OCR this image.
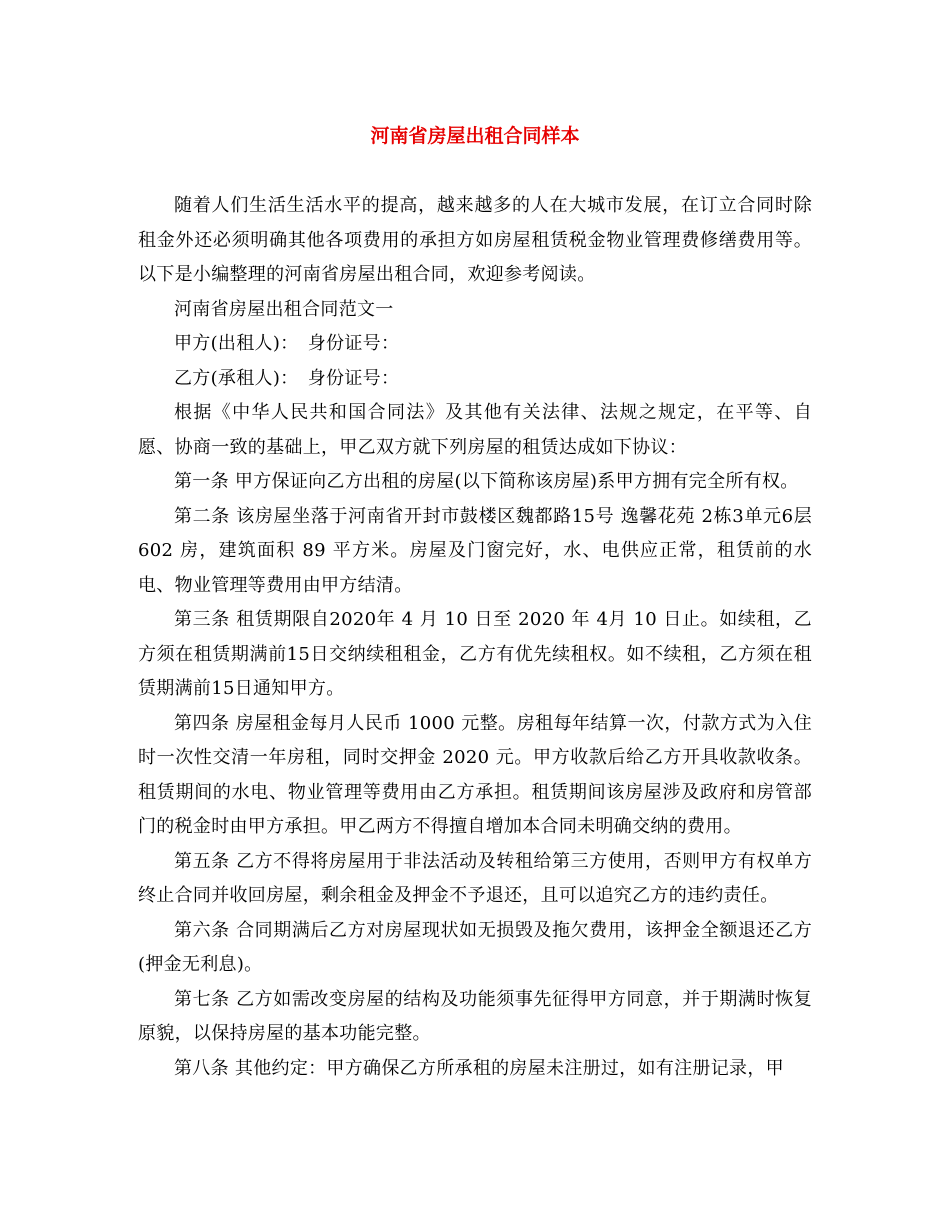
河南省房屋出租合同样本

随着人们生活生活水平的提高，越来越多的人在大城市发展，在订立合同时除租金外还必须明确其他各项费用的承担方如房屋租赁税金物业管理费修缮费用等。以下是小编整理的河南省房屋出租合同，欢迎参考阅读。

河南省房屋出租合同范文一

甲方(出租人)：　身份证号：

乙方(承租人)：　身份证号：

根据《中华人民共和国合同法》及其他有关法律、法规之规定，在平等、自愿、协商一致的基础上，甲乙双方就下列房屋的租赁达成如下协议：

第一条 甲方保证向乙方出租的房屋(以下简称该房屋)系甲方拥有完全所有权。

第二条 该房屋坐落于河南省开封市鼓楼区魏都路15号 逸馨花苑 2栋3单元6层602 房，建筑面积 89 平方米。房屋及门窗完好，水、电供应正常，租赁前的水电、物业管理等费用由甲方结清。

第三条 租赁期限自2020年 4 月 10 日至 2020 年 4月 10 日止。如续租，乙方须在租赁期满前15日交纳续租租金，乙方有优先续租权。如不续租，乙方须在租赁期满前15日通知甲方。

第四条 房屋租金每月人民币 1000 元整。房租每年结算一次，付款方式为入住时一次性交清一年房租，同时交押金 2020 元。甲方收款后给乙方开具收款收条。租赁期间的水电、物业管理等费用由乙方承担。租赁期间该房屋涉及政府和房管部门的税金时由甲方承担。甲乙两方不得擅自增加本合同未明确交纳的费用。

第五条 乙方不得将房屋用于非法活动及转租给第三方使用，否则甲方有权单方终止合同并收回房屋，剩余租金及押金不予退还，且可以追究乙方的违约责任。

第六条 合同期满后乙方对房屋现状如无损毁及拖欠费用，该押金全额退还乙方(押金无利息)。

第七条 乙方如需改变房屋的结构及功能须事先征得甲方同意，并于期满时恢复原貌，以保持房屋的基本功能完整。

第八条 其他约定：甲方确保乙方所承租的房屋未注册过，如有注册记录，甲
